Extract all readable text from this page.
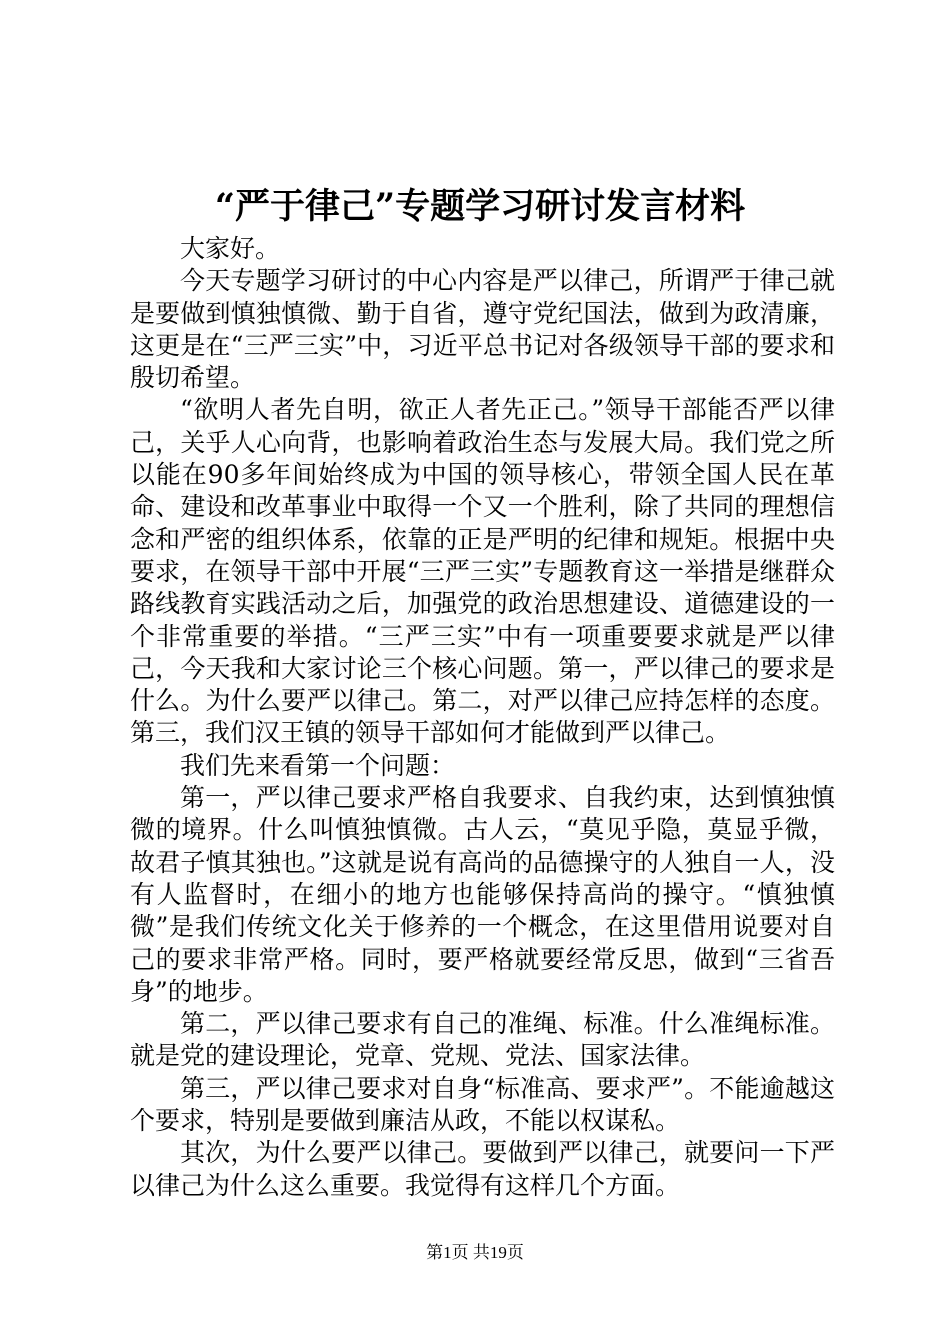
“严于律己”专题学习研讨发言材料

大家好。

今天专题学习研讨的中心内容是严以律己，所谓严于律己就是要做到慎独慎微、勤于自省，遵守党纪国法，做到为政清廉，这更是在“三严三实”中，习近平总书记对各级领导干部的要求和殷切希望。

“欲明人者先自明，欲正人者先正己。”领导干部能否严以律己，关乎人心向背，也影响着政治生态与发展大局。我们党之所以能在90多年间始终成为中国的领导核心，带领全国人民在革命、建设和改革事业中取得一个又一个胜利，除了共同的理想信念和严密的组织体系，依靠的正是严明的纪律和规矩。根据中央要求，在领导干部中开展“三严三实”专题教育这一举措是继群众路线教育实践活动之后，加强党的政治思想建设、道德建设的一个非常重要的举措。“三严三实”中有一项重要要求就是严以律己，今天我和大家讨论三个核心问题。第一，严以律己的要求是什么。为什么要严以律己。第二，对严以律己应持怎样的态度。第三，我们汉王镇的领导干部如何才能做到严以律己。

我们先来看第一个问题：

第一，严以律己要求严格自我要求、自我约束，达到慎独慎微的境界。什么叫慎独慎微。古人云，“莫见乎隐，莫显乎微，故君子慎其独也。”这就是说有高尚的品德操守的人独自一人，没有人监督时，在细小的地方也能够保持高尚的操守。“慎独慎微”是我们传统文化关于修养的一个概念，在这里借用说要对自己的要求非常严格。同时，要严格就要经常反思，做到“三省吾身”的地步。

第二，严以律己要求有自己的准绳、标准。什么准绳标准。就是党的建设理论，党章、党规、党法、国家法律。

第三，严以律己要求对自身“标准高、要求严”。不能逾越这个要求，特别是要做到廉洁从政，不能以权谋私。

其次，为什么要严以律己。要做到严以律己，就要问一下严以律己为什么这么重要。我觉得有这样几个方面。

第1页 共19页
